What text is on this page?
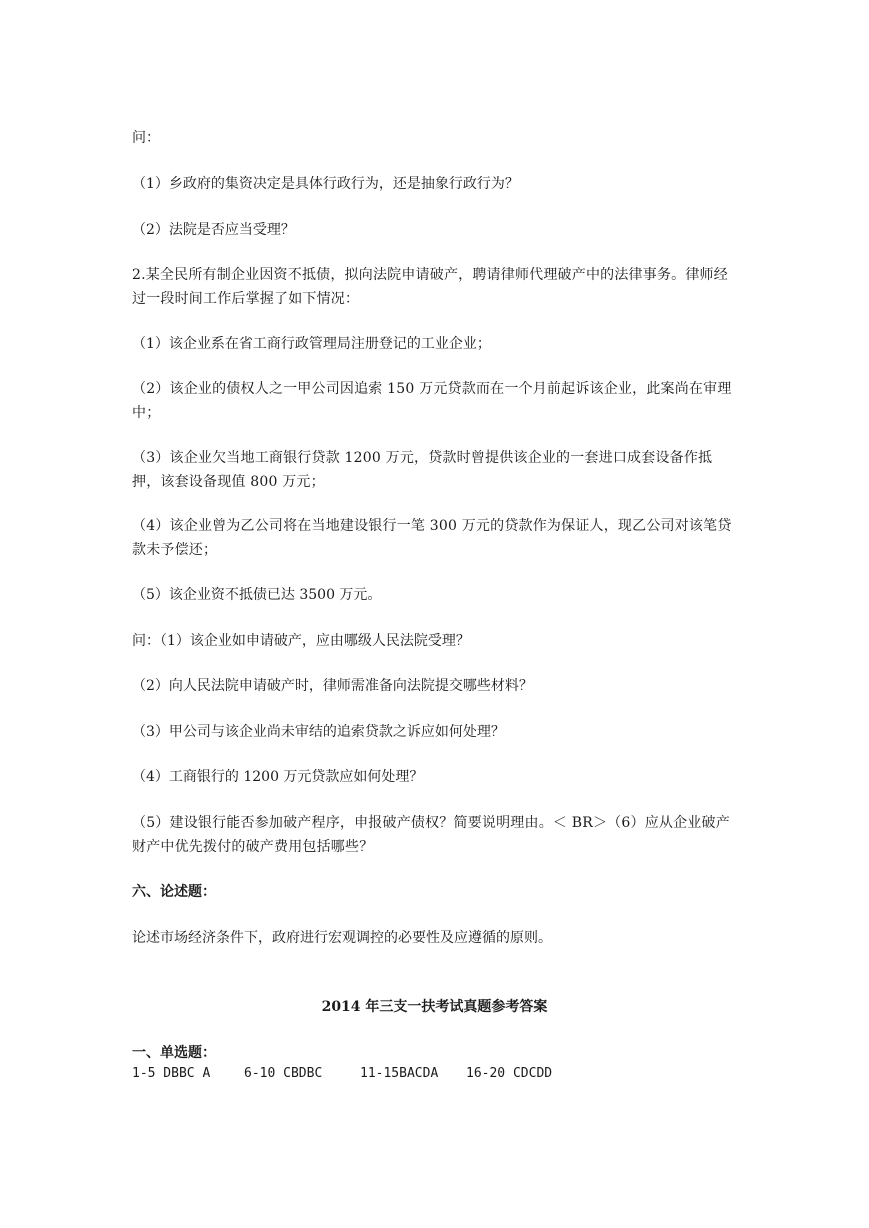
问：
（1）乡政府的集资决定是具体行政行为，还是抽象行政行为？
（2）法院是否应当受理？
2.某全民所有制企业因资不抵债，拟向法院申请破产，聘请律师代理破产中的法律事务。律师经过一段时间工作后掌握了如下情况：
（1）该企业系在省工商行政管理局注册登记的工业企业；
（2）该企业的债权人之一甲公司因追索 150 万元贷款而在一个月前起诉该企业，此案尚在审理中；
（3）该企业欠当地工商银行贷款 1200 万元，贷款时曾提供该企业的一套进口成套设备作抵押，该套设备现值 800 万元；
（4）该企业曾为乙公司将在当地建设银行一笔 300 万元的贷款作为保证人，现乙公司对该笔贷款未予偿还；
（5）该企业资不抵债已达 3500 万元。
问：（1）该企业如申请破产，应由哪级人民法院受理？
（2）向人民法院申请破产时，律师需准备向法院提交哪些材料？
（3）甲公司与该企业尚未审结的追索贷款之诉应如何处理？
（4）工商银行的 1200 万元贷款应如何处理？
（5）建设银行能否参加破产程序，申报破产债权？简要说明理由。＜ BR＞（6）应从企业破产财产中优先拨付的破产费用包括哪些？
六、论述题：
论述市场经济条件下，政府进行宏观调控的必要性及应遵循的原则。
2014 年三支一扶考试真题参考答案
一、单选题：
1-5 DBBC A	6-10 CBDBC	11-15BACDA 16-20 CDCDD
